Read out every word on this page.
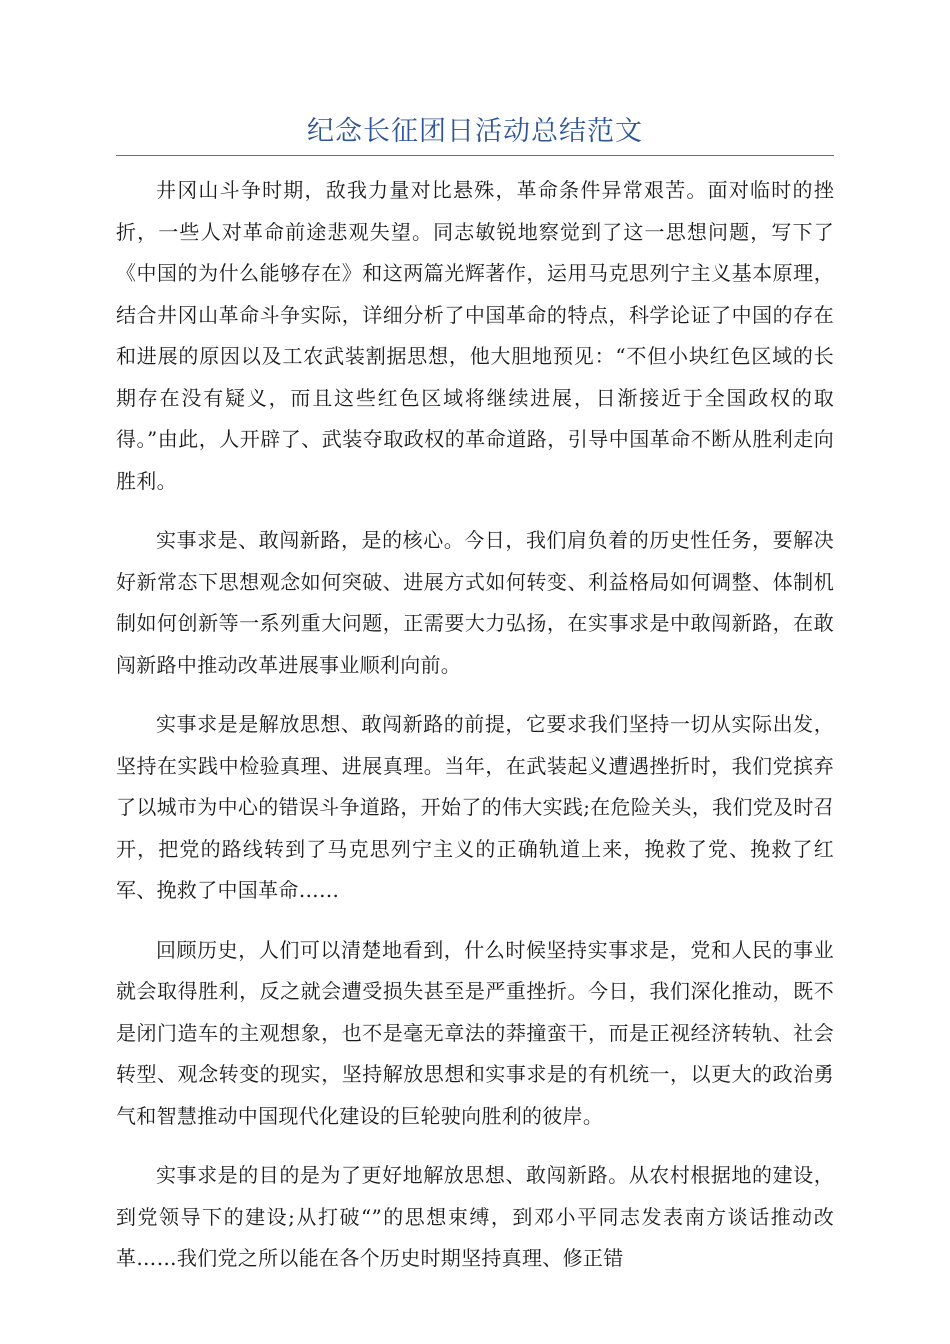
纪念长征团日活动总结范文

井冈山斗争时期，敌我力量对比悬殊，革命条件异常艰苦。面对临时的挫折，一些人对革命前途悲观失望。同志敏锐地察觉到了这一思想问题，写下了《中国的为什么能够存在》和这两篇光辉著作，运用马克思列宁主义基本原理，结合井冈山革命斗争实际，详细分析了中国革命的特点，科学论证了中国的存在和进展的原因以及工农武装割据思想，他大胆地预见：“不但小块红色区域的长期存在没有疑义，而且这些红色区域将继续进展，日渐接近于全国政权的取得。”由此，人开辟了、武装夺取政权的革命道路，引导中国革命不断从胜利走向胜利。

实事求是、敢闯新路，是的核心。今日，我们肩负着的历史性任务，要解决好新常态下思想观念如何突破、进展方式如何转变、利益格局如何调整、体制机制如何创新等一系列重大问题，正需要大力弘扬，在实事求是中敢闯新路，在敢闯新路中推动改革进展事业顺利向前。

实事求是是解放思想、敢闯新路的前提，它要求我们坚持一切从实际出发，坚持在实践中检验真理、进展真理。当年，在武装起义遭遇挫折时，我们党摈弃了以城市为中心的错误斗争道路，开始了的伟大实践;在危险关头，我们党及时召开，把党的路线转到了马克思列宁主义的正确轨道上来，挽救了党、挽救了红军、挽救了中国革命……

回顾历史，人们可以清楚地看到，什么时候坚持实事求是，党和人民的事业就会取得胜利，反之就会遭受损失甚至是严重挫折。今日，我们深化推动，既不是闭门造车的主观想象，也不是毫无章法的莽撞蛮干，而是正视经济转轨、社会转型、观念转变的现实，坚持解放思想和实事求是的有机统一，以更大的政治勇气和智慧推动中国现代化建设的巨轮驶向胜利的彼岸。

实事求是的目的是为了更好地解放思想、敢闯新路。从农村根据地的建设，到党领导下的建设;从打破“”的思想束缚，到邓小平同志发表南方谈话推动改革……我们党之所以能在各个历史时期坚持真理、修正错
